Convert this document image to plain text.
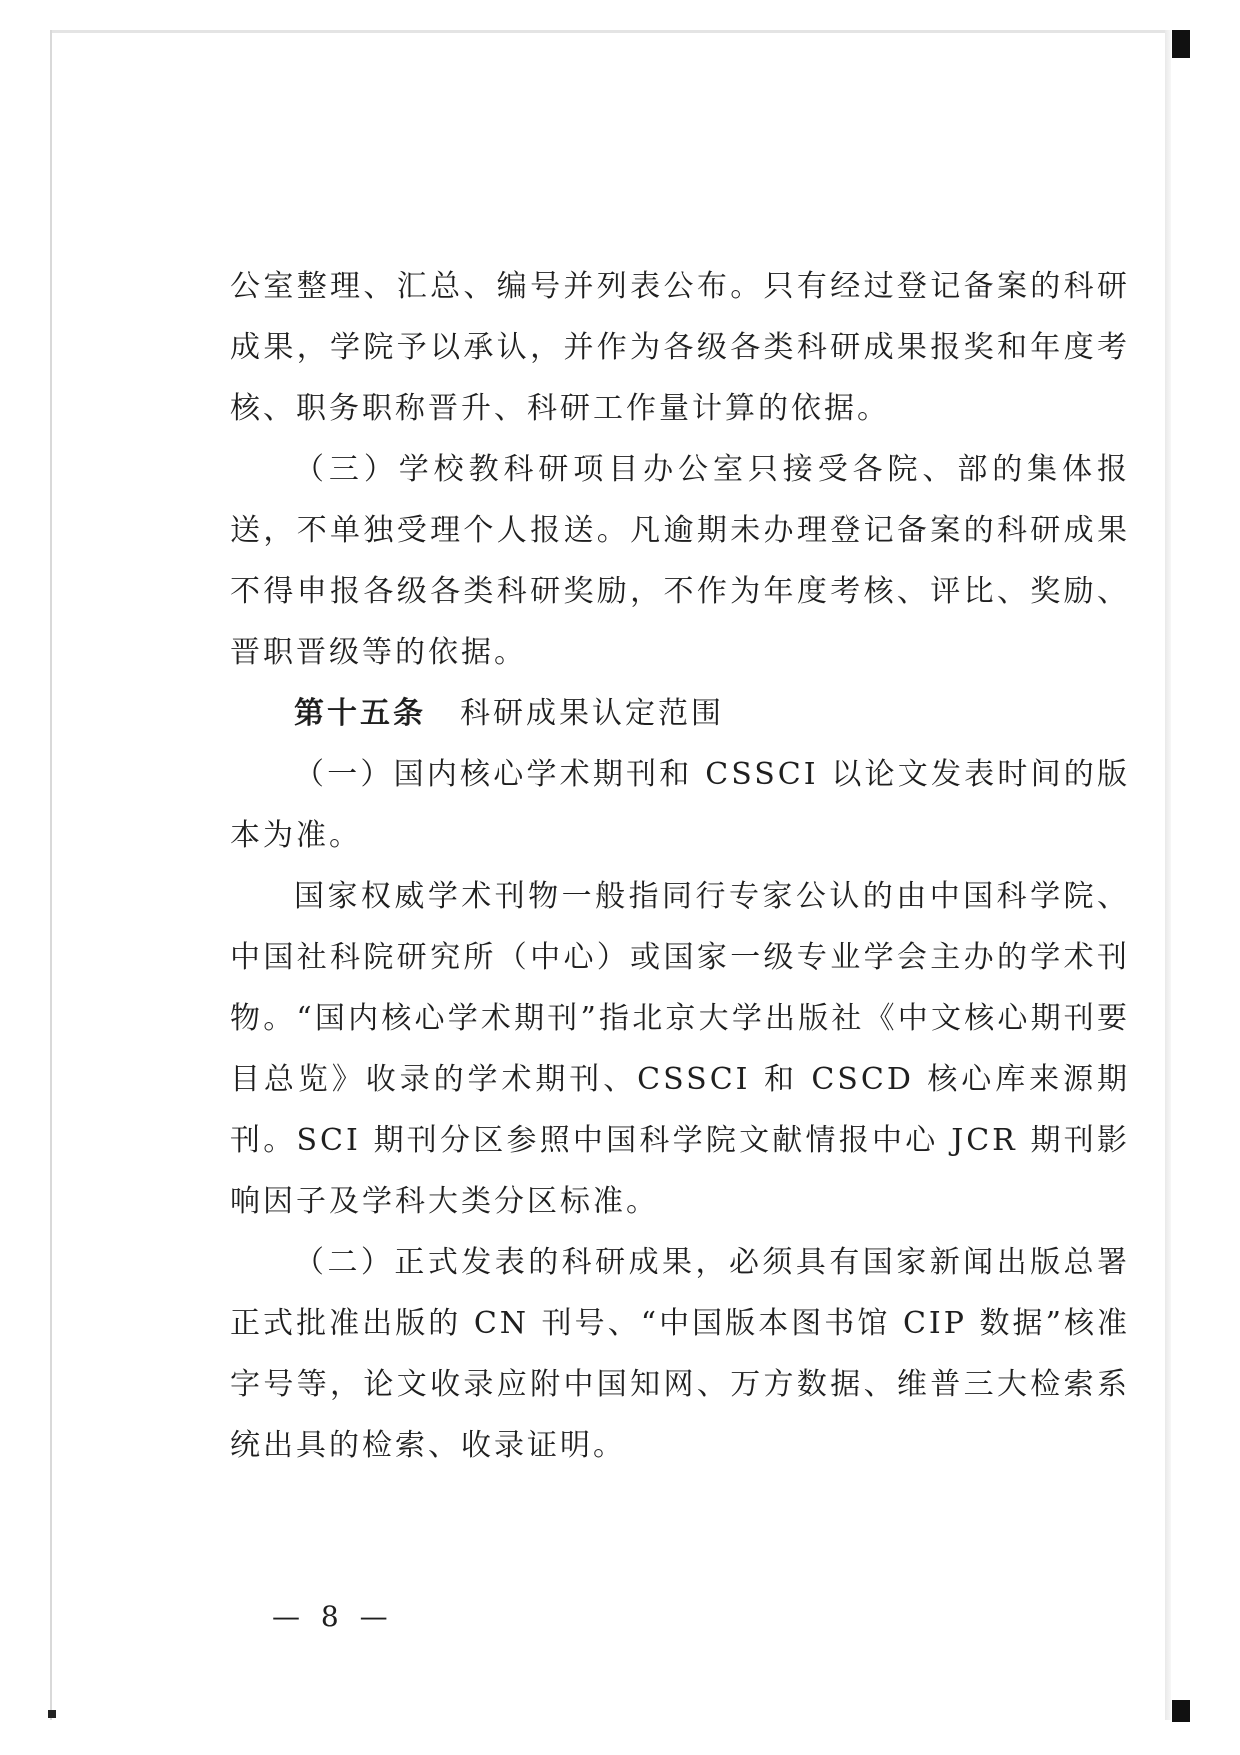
公室整理、汇总、编号并列表公布。只有经过登记备案的科研成果，学院予以承认，并作为各级各类科研成果报奖和年度考核、职务职称晋升、科研工作量计算的依据。

（三）学校教科研项目办公室只接受各院、部的集体报送，不单独受理个人报送。凡逾期未办理登记备案的科研成果不得申报各级各类科研奖励，不作为年度考核、评比、奖励、晋职晋级等的依据。

第十五条 科研成果认定范围

（一）国内核心学术期刊和 CSSCI 以论文发表时间的版本为准。

国家权威学术刊物一般指同行专家公认的由中国科学院、中国社科院研究所（中心）或国家一级专业学会主办的学术刊物。“国内核心学术期刊”指北京大学出版社《中文核心期刊要目总览》收录的学术期刊、CSSCI 和 CSCD 核心库来源期刊。SCI 期刊分区参照中国科学院文献情报中心 JCR 期刊影响因子及学科大类分区标准。

（二）正式发表的科研成果，必须具有国家新闻出版总署正式批准出版的 CN 刊号、“中国版本图书馆 CIP 数据”核准字号等，论文收录应附中国知网、万方数据、维普三大检索系统出具的检索、收录证明。

— 8 —
